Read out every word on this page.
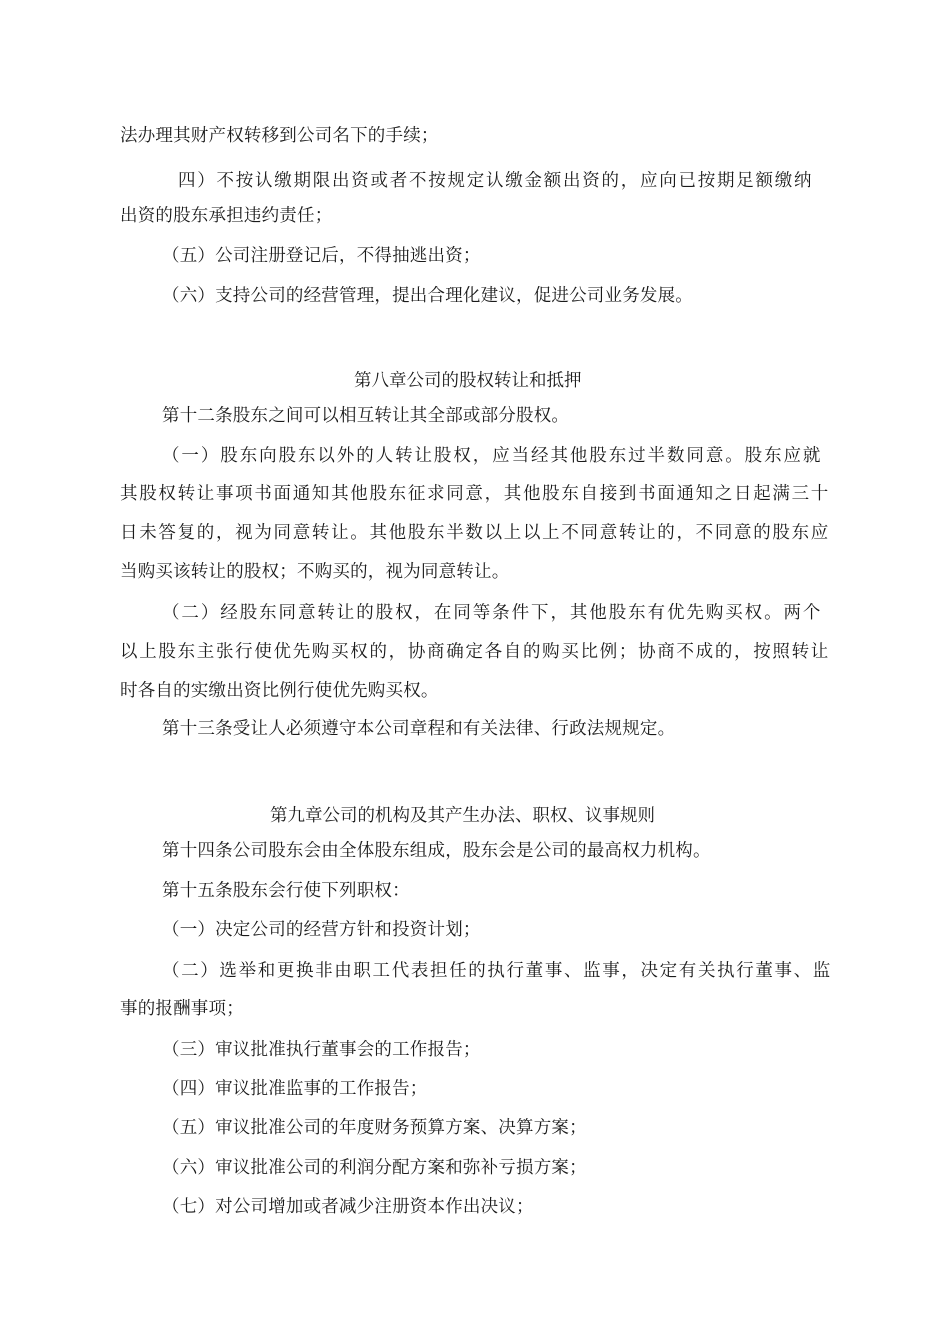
法办理其财产权转移到公司名下的手续；
四 ） 不 按 认 缴 期 限 出 资 或 者 不 按 规 定 认 缴 金 额 出 资 的 ， 应 向 已 按 期 足 额 缴 纳
出资的股东承担违约责任；
（五）公司注册登记后，不得抽逃出资；
（六）支持公司的经营管理，提出合理化建议，促进公司业务发展。
第八章公司的股权转让和抵押
第十二条股东之间可以相互转让其全部或部分股权。
（ 一 ） 股 东 向 股 东 以 外 的 人 转 让 股 权 ， 应 当 经 其 他 股 东 过 半 数 同 意 。 股 东 应 就
其 股 权 转 让 事 项 书 面 通 知 其 他 股 东 征 求 同 意 ， 其 他 股 东 自 接 到 书 面 通 知 之 日 起 满 三 十
日 未 答 复 的 ， 视 为 同 意 转 让 。 其 他 股 东 半 数 以 上 以 上 不 同 意 转 让 的 ， 不 同 意 的 股 东 应
当购买该转让的股权；不购买的，视为同意转让。
（ 二 ） 经 股 东 同 意 转 让 的 股 权 ， 在 同 等 条 件 下 ， 其 他 股 东 有 优 先 购 买 权 。 两 个
以 上 股 东 主 张 行 使 优 先 购 买 权 的 ， 协 商 确 定 各 自 的 购 买 比 例 ； 协 商 不 成 的 ， 按 照 转 让
时各自的实缴出资比例行使优先购买权。
第十三条受让人必须遵守本公司章程和有关法律、行政法规规定。
第九章公司的机构及其产生办法、职权、议事规则
第十四条公司股东会由全体股东组成，股东会是公司的最高权力机构。
第十五条股东会行使下列职权：
（一）决定公司的经营方针和投资计划；
（ 二 ） 选 举 和 更 换 非 由 职 工 代 表 担 任 的 执 行 董 事 、 监 事 ， 决 定 有 关 执 行 董 事 、 监
事的报酬事项；
（三）审议批准执行董事会的工作报告；
（四）审议批准监事的工作报告；
（五）审议批准公司的年度财务预算方案、决算方案；
（六）审议批准公司的利润分配方案和弥补亏损方案；
（七）对公司增加或者减少注册资本作出决议；
